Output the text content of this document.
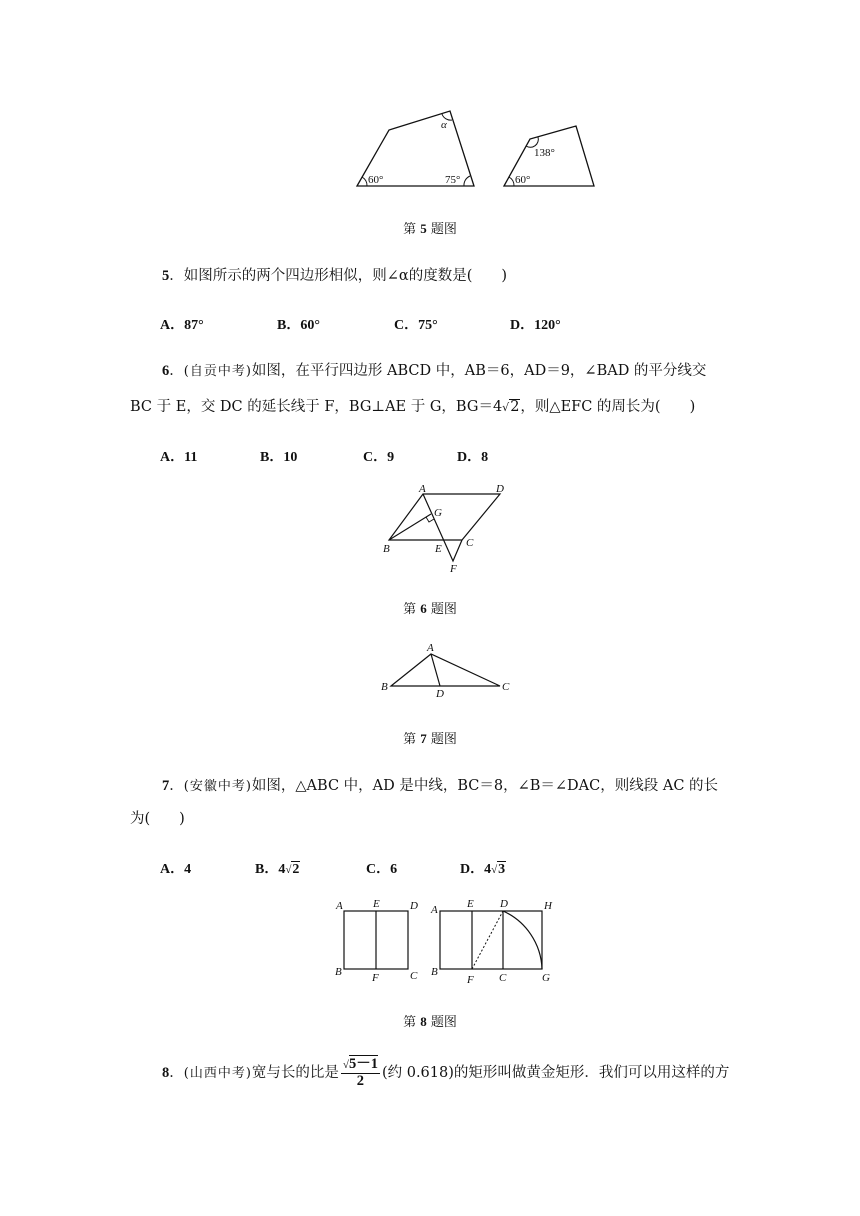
60°	75°
α
60°
138°
第 5 题图
5．如图所示的两个四边形相似，则∠α的度数是(　　)
A．87°	B．60°	C．75°	D．120°
6．(自贡中考)如图，在平行四边形 ABCD 中，AB＝6，AD＝9，∠BAD 的平分线交
BC 于 E，交 DC 的延长线于 F，BG⊥AE 于 G，BG＝4√2，则△EFC 的周长为(　　)
A．11	B．10	C．9	D．8
A	D
G
B	E C
F
第 6 题图
A
B
D
C
第 7 题图
7．(安徽中考)如图，△ABC 中，AD 是中线，BC＝8，∠B＝∠DAC，则线段 AC 的长
为(　　)
A．4	B．4√2	C．6	D．4√3
A	E	D
B	F	C
A	E D	H
B
F C	G
第 8 题图
8．(山西中考)宽与长的比是 $\frac{√5-1}{2}$ (约 0.618)的矩形叫做黄金矩形．我们可以用这样的方
